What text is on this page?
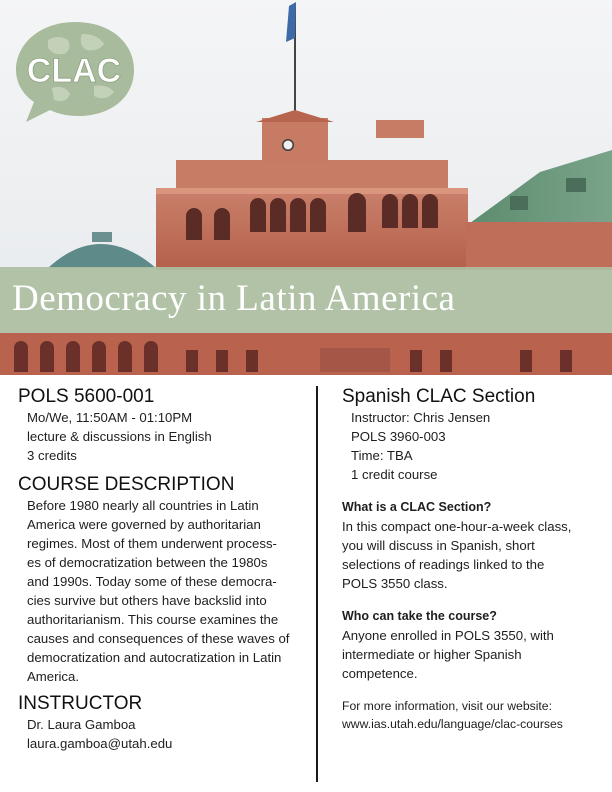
CLAC
Democracy in Latin America
POLS 5600-001
Mo/We, 11:50AM - 01:10PM
lecture & discussions in English
3 credits
COURSE DESCRIPTION
Before 1980 nearly all countries in Latin
America were governed by authoritarian
regimes. Most of them underwent process-
es of democratization between the 1980s
and 1990s. Today some of these democra-
cies survive but others have backslid into
authoritarianism. This course examines the
causes and consequences of these waves of
democratization and autocratization in Latin
America.
INSTRUCTOR
Dr. Laura Gamboa
laura.gamboa@utah.edu
Spanish CLAC Section
Instructor: Chris Jensen
POLS 3960-003
Time: TBA
1 credit course

What is a CLAC Section?

In this compact one-hour-a-week class,

you will discuss in Spanish, short

selections of readings linked to the

POLS 3550 class.

Who can take the course?

Anyone enrolled in POLS 3550, with

intermediate or higher Spanish

competence.

For more information, visit our website:

www.ias.utah.edu/language/clac-courses
